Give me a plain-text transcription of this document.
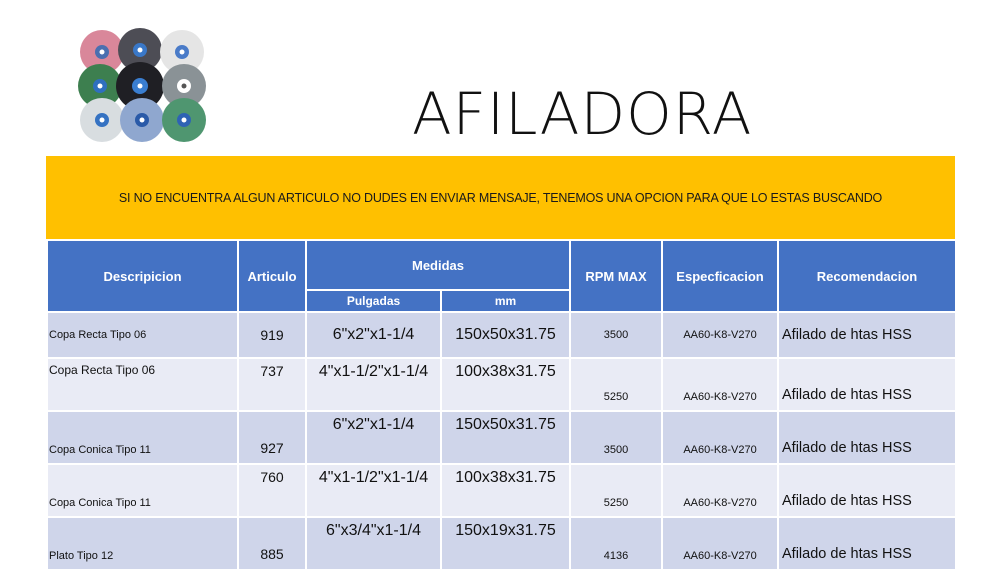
AFILADORA
SI NO ENCUENTRA ALGUN ARTICULO NO DUDES EN ENVIAR MENSAJE, TENEMOS UNA OPCION PARA QUE LO ESTAS BUSCANDO
Descripicion	Articulo	Medidas		RPM MAX	Especficacion	Recomendacion
		Pulgadas	mm			
Copa Recta Tipo 06	919	6"x2"x1-1/4	150x50x31.75	3500	AA60-K8-V270	Afilado de htas HSS
Copa Recta Tipo 06	737	4"x1-1/2"x1-1/4	100x38x31.75	5250	AA60-K8-V270	Afilado de htas HSS
Copa Conica Tipo 11	927	6"x2"x1-1/4	150x50x31.75	3500	AA60-K8-V270	Afilado de htas HSS
Copa Conica Tipo 11	760	4"x1-1/2"x1-1/4	100x38x31.75	5250	AA60-K8-V270	Afilado de htas HSS
Plato Tipo 12	885	6"x3/4"x1-1/4	150x19x31.75	4136	AA60-K8-V270	Afilado de htas HSS
